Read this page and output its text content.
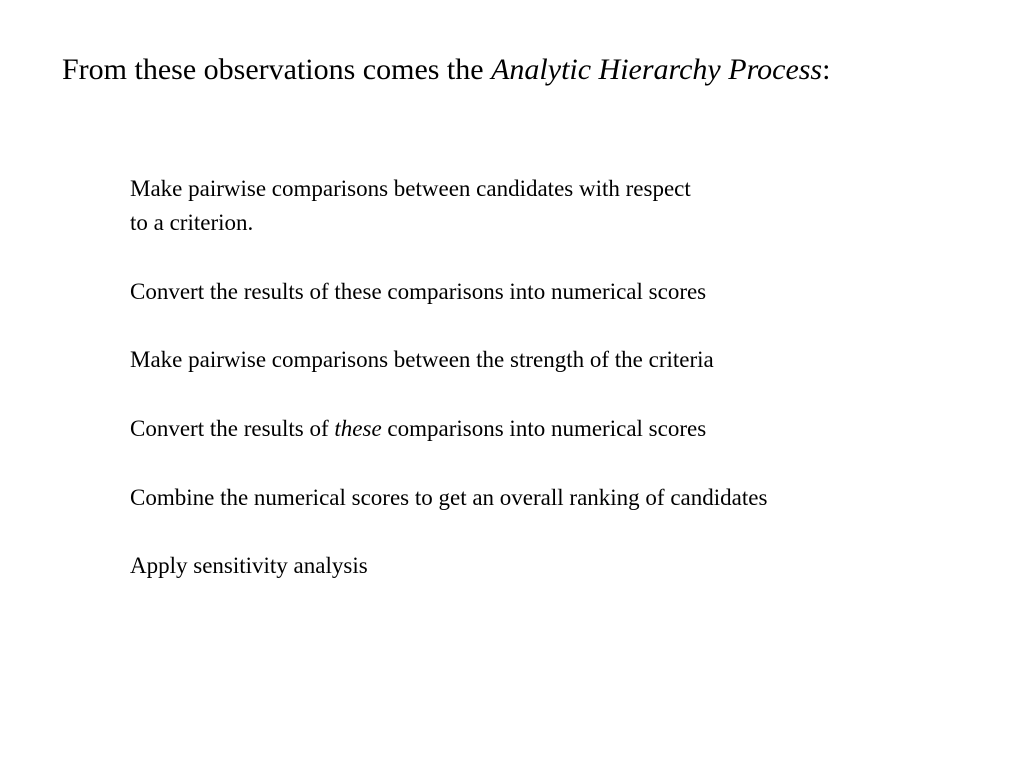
From these observations comes the Analytic Hierarchy Process:
Make pairwise comparisons between candidates with respect
to a criterion.
Convert the results of these comparisons into numerical scores
Make pairwise comparisons between the strength of the criteria
Convert the results of these comparisons into numerical scores
Combine the numerical scores to get an overall ranking of candidates
Apply sensitivity analysis
